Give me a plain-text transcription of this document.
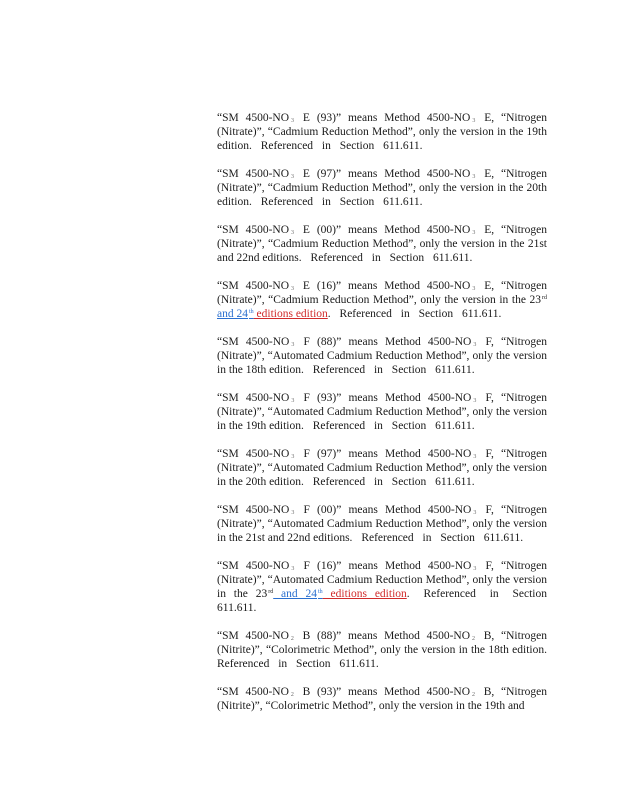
“SM 4500-NO $_3$ E (93)” means Method 4500-NO $_3$ E, “Nitrogen (Nitrate)”, “Cadmium Reduction Method”, only the version in the 19th edition. Referenced in Section 611.611.

“SM 4500-NO $_3$ E (97)” means Method 4500-NO $_3$ E, “Nitrogen (Nitrate)”, “Cadmium Reduction Method”, only the version in the 20th edition. Referenced in Section 611.611.

“SM 4500-NO $_3$ E (00)” means Method 4500-NO $_3$ E, “Nitrogen (Nitrate)”, “Cadmium Reduction Method”, only the version in the 21st and 22nd editions. Referenced in Section 611.611.

“SM 4500-NO $_3$ E (16)” means Method 4500-NO $_3$ E, “Nitrogen (Nitrate)”, “Cadmium Reduction Method”, only the version in the 23rd and 24th editions edition. Referenced in Section 611.611.

“SM 4500-NO $_3$ F (88)” means Method 4500-NO $_3$ F, “Nitrogen (Nitrate)”, “Automated Cadmium Reduction Method”, only the version in the 18th edition. Referenced in Section 611.611.

“SM 4500-NO $_3$ F (93)” means Method 4500-NO $_3$ F, “Nitrogen (Nitrate)”, “Automated Cadmium Reduction Method”, only the version in the 19th edition. Referenced in Section 611.611.

“SM 4500-NO $_3$ F (97)” means Method 4500-NO $_3$ F, “Nitrogen (Nitrate)”, “Automated Cadmium Reduction Method”, only the version in the 20th edition. Referenced in Section 611.611.

“SM 4500-NO $_3$ F (00)” means Method 4500-NO $_3$ F, “Nitrogen (Nitrate)”, “Automated Cadmium Reduction Method”, only the version in the 21st and 22nd editions. Referenced in Section 611.611.

“SM 4500-NO $_3$ F (16)” means Method 4500-NO $_3$ F, “Nitrogen (Nitrate)”, “Automated Cadmium Reduction Method”, only the version in the 23rd and 24th editions edition. Referenced in Section 611.611.

“SM 4500-NO $_2$ B (88)” means Method 4500-NO $_2$ B, “Nitrogen (Nitrite)”, “Colorimetric Method”, only the version in the 18th edition. Referenced in Section 611.611.

“SM 4500-NO $_2$ B (93)” means Method 4500-NO $_2$ B, “Nitrogen (Nitrite)”, “Colorimetric Method”, only the version in the 19th and
